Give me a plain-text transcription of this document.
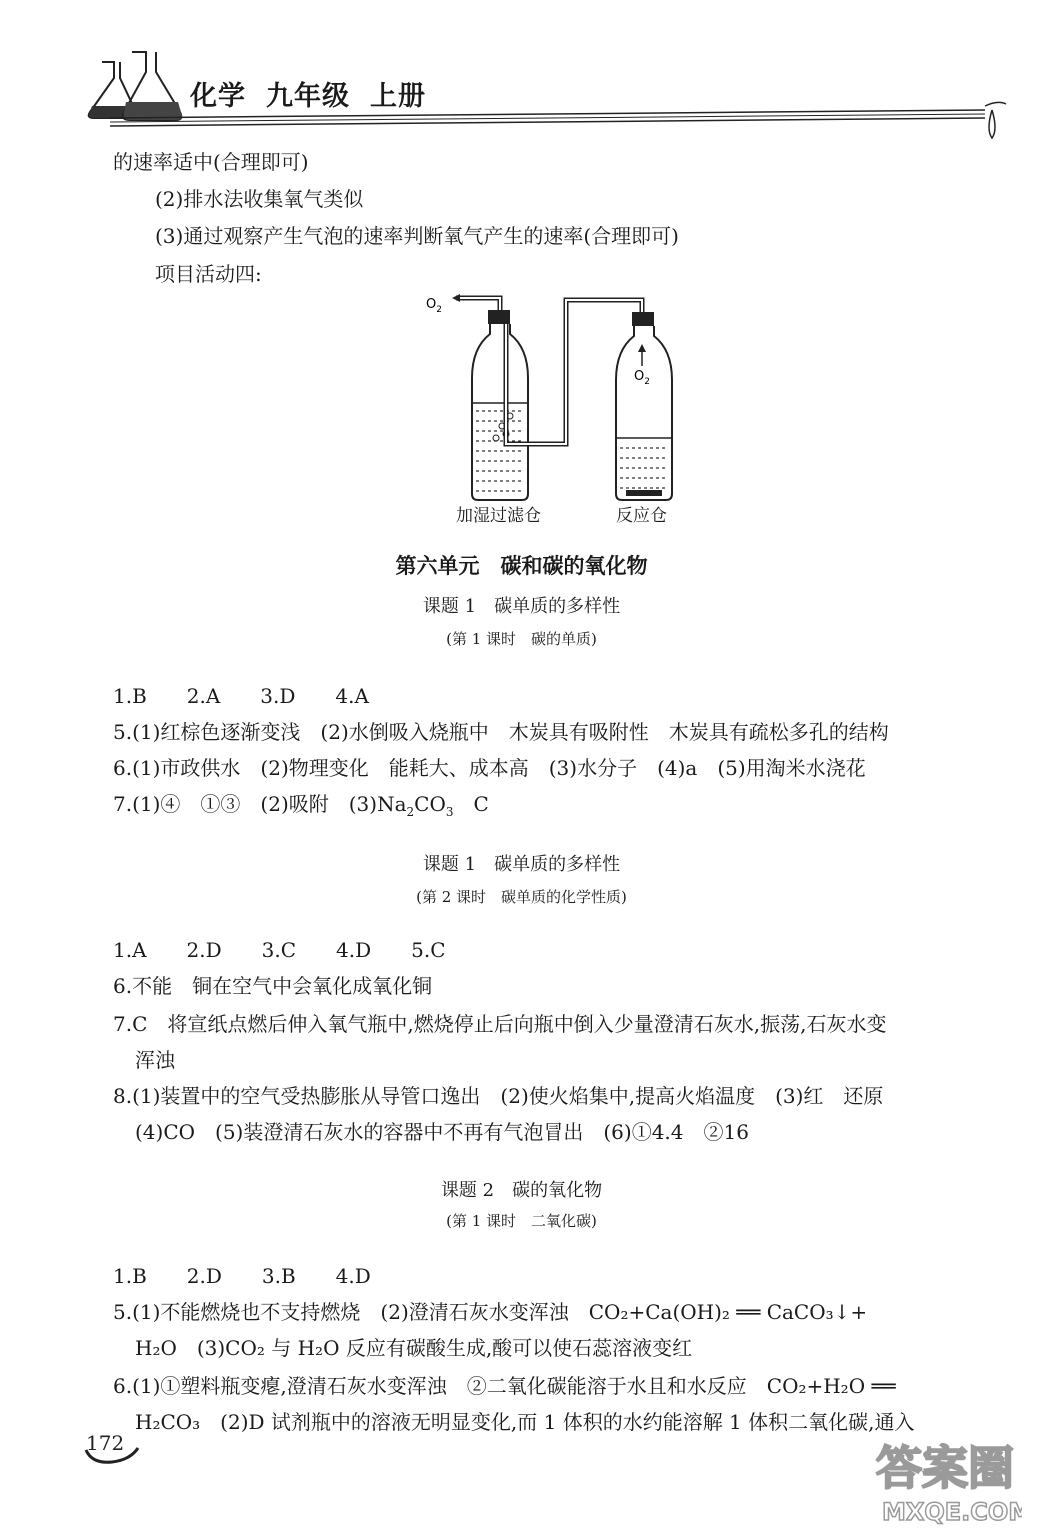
化学 九年级 上册
的速率适中(合理即可)
(2)排水法收集氧气类似
(3)通过观察产生气泡的速率判断氧气产生的速率(合理即可)
项目活动四:
$O_2$
$O_2$
加湿过滤仓	反应仓
第六单元　碳和碳的氧化物
课题 1　碳单质的多样性
(第 1 课时　碳的单质)
1.B　　2.A　　3.D　　4.A
5.(1)红棕色逐渐变浅　(2)水倒吸入烧瓶中　木炭具有吸附性　木炭具有疏松多孔的结构
6.(1)市政供水　(2)物理变化　能耗大、成本高　(3)水分子　(4)a　(5)用淘米水浇花
7.(1)④　①③　(2)吸附　$(3)Na_2CO_3$　C
课题 1　碳单质的多样性
(第 2 课时　碳单质的化学性质)
1.A　　2.D　　3.C　　4.D　　5.C
6.不能　铜在空气中会氧化成氧化铜
7.C　将宣纸点燃后伸入氧气瓶中,燃烧停止后向瓶中倒入少量澄清石灰水,振荡,石灰水变
浑浊
8.(1)装置中的空气受热膨胀从导管口逸出　(2)使火焰集中,提高火焰温度　(3)红　还原
(4)CO　(5)装澄清石灰水的容器中不再有气泡冒出　(6)①4.4　②16
课题 2　碳的氧化物
(第 1 课时　二氧化碳)
1.B　　2.D　　3.B　　4.D
5.(1)不能燃烧也不支持燃烧　(2)澄清石灰水变浑浊　CO₂+Ca(OH)₂ ══ CaCO₃↓+
H₂O　(3)CO₂ 与 H₂O 反应有碳酸生成,酸可以使石蕊溶液变红
6.(1)①塑料瓶变瘪,澄清石灰水变浑浊　②二氧化碳能溶于水且和水反应　CO₂+H₂O ══
H₂CO₃　(2)D 试剂瓶中的溶液无明显变化,而 1 体积的水约能溶解 1 体积二氧化碳,通入
172	答案圈
MXQE.COM
